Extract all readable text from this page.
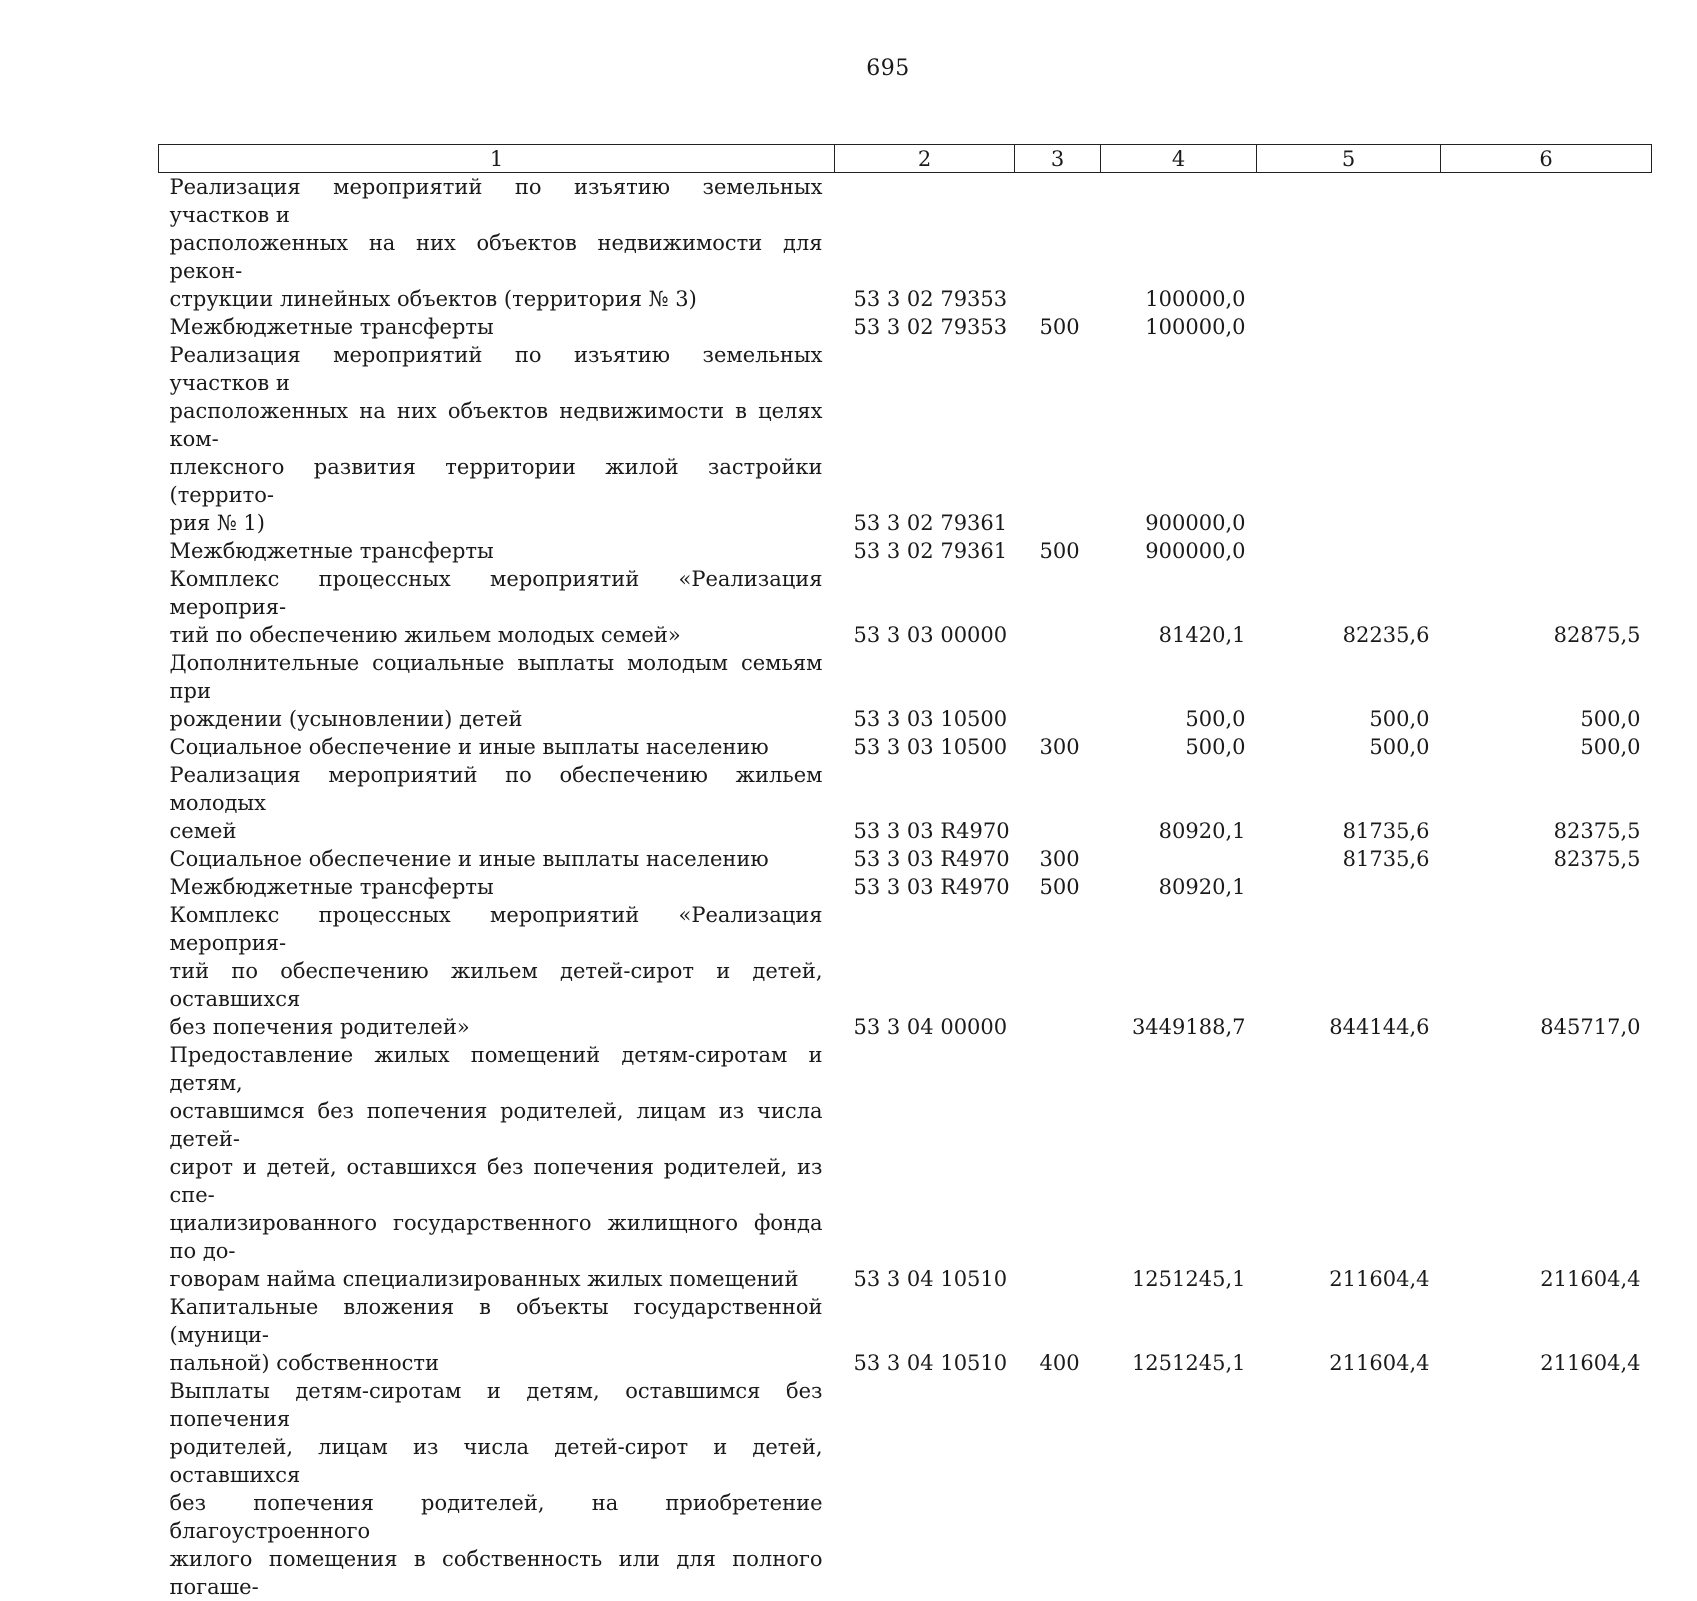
695
1	2	3	4	5	6
Реализация мероприятий по изъятию земельных участков и
расположенных на них объектов недвижимости для рекон-
струкции линейных объектов (территория № 3)	53 3 02 79353		100000,0		
Межбюджетные трансферты	53 3 02 79353	500	100000,0		
Реализация мероприятий по изъятию земельных участков и
расположенных на них объектов недвижимости в целях ком-
плексного развития территории жилой застройки (террито-
рия № 1)	53 3 02 79361		900000,0		
Межбюджетные трансферты	53 3 02 79361	500	900000,0		
Комплекс процессных мероприятий «Реализация мероприя-
тий по обеспечению жильем молодых семей»	53 3 03 00000		81420,1	82235,6	82875,5
Дополнительные социальные выплаты молодым семьям при
рождении (усыновлении) детей	53 3 03 10500		500,0	500,0	500,0
Социальное обеспечение и иные выплаты населению	53 3 03 10500	300	500,0	500,0	500,0
Реализация мероприятий по обеспечению жильем молодых
семей	53 3 03 R4970		80920,1	81735,6	82375,5
Социальное обеспечение и иные выплаты населению	53 3 03 R4970	300		81735,6	82375,5
Межбюджетные трансферты	53 3 03 R4970	500	80920,1		
Комплекс процессных мероприятий «Реализация мероприя-
тий по обеспечению жильем детей-сирот и детей, оставшихся
без попечения родителей»	53 3 04 00000		3449188,7	844144,6	845717,0
Предоставление жилых помещений детям-сиротам и детям,
оставшимся без попечения родителей, лицам из числа детей-
сирот и детей, оставшихся без попечения родителей, из спе-
циализированного государственного жилищного фонда по до-
говорам найма специализированных жилых помещений	53 3 04 10510		1251245,1	211604,4	211604,4
Капитальные вложения в объекты государственной (муници-
пальной) собственности	53 3 04 10510	400	1251245,1	211604,4	211604,4
Выплаты детям-сиротам и детям, оставшимся без попечения
родителей, лицам из числа детей-сирот и детей, оставшихся
без попечения родителей, на приобретение благоустроенного
жилого помещения в собственность или для полного погаше-					
